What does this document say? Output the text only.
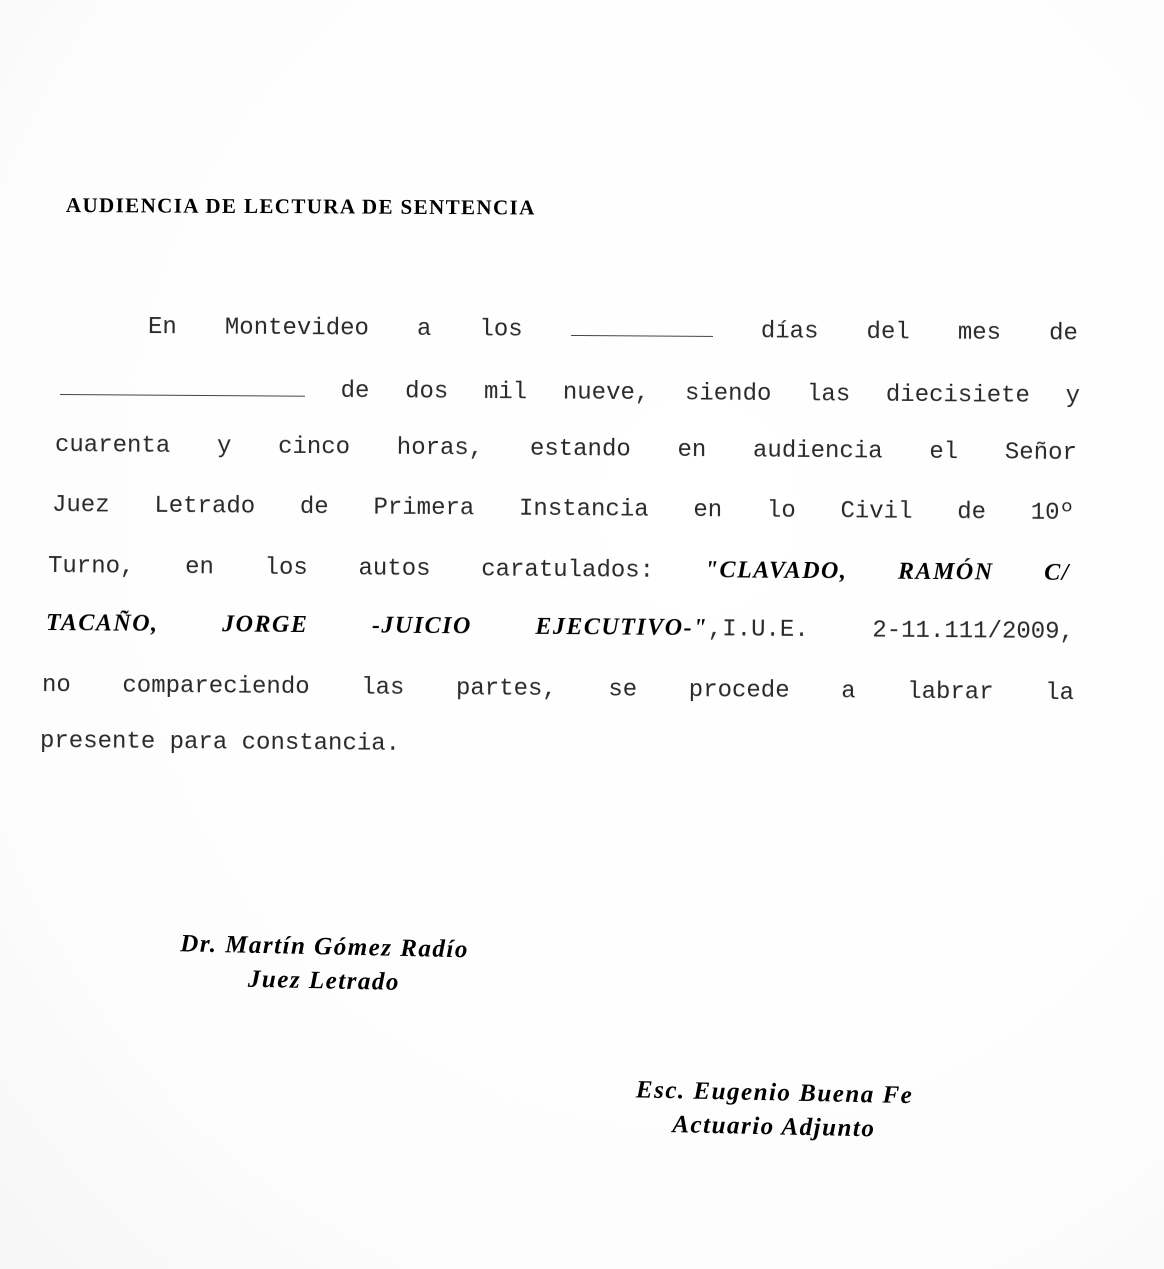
AUDIENCIA DE LECTURA DE SENTENCIA
En Montevideo a los	días del mes de
de dos mil nueve, siendo las diecisiete y
cuarenta y cinco horas, estando en audiencia el Señor
Juez Letrado de Primera Instancia en lo Civil de 10º
Turno, en los autos caratulados: "CLAVADO, RAMÓN C/
TACAÑO,	JORGE	-JUICIO	EJECUTIVO-" ,I.U.E.	2-11.111/2009,
no compareciendo las partes, se procede a labrar la
presente para constancia.
Dr. Martín Gómez Radío
Juez Letrado
Esc. Eugenio Buena Fe
Actuario Adjunto
